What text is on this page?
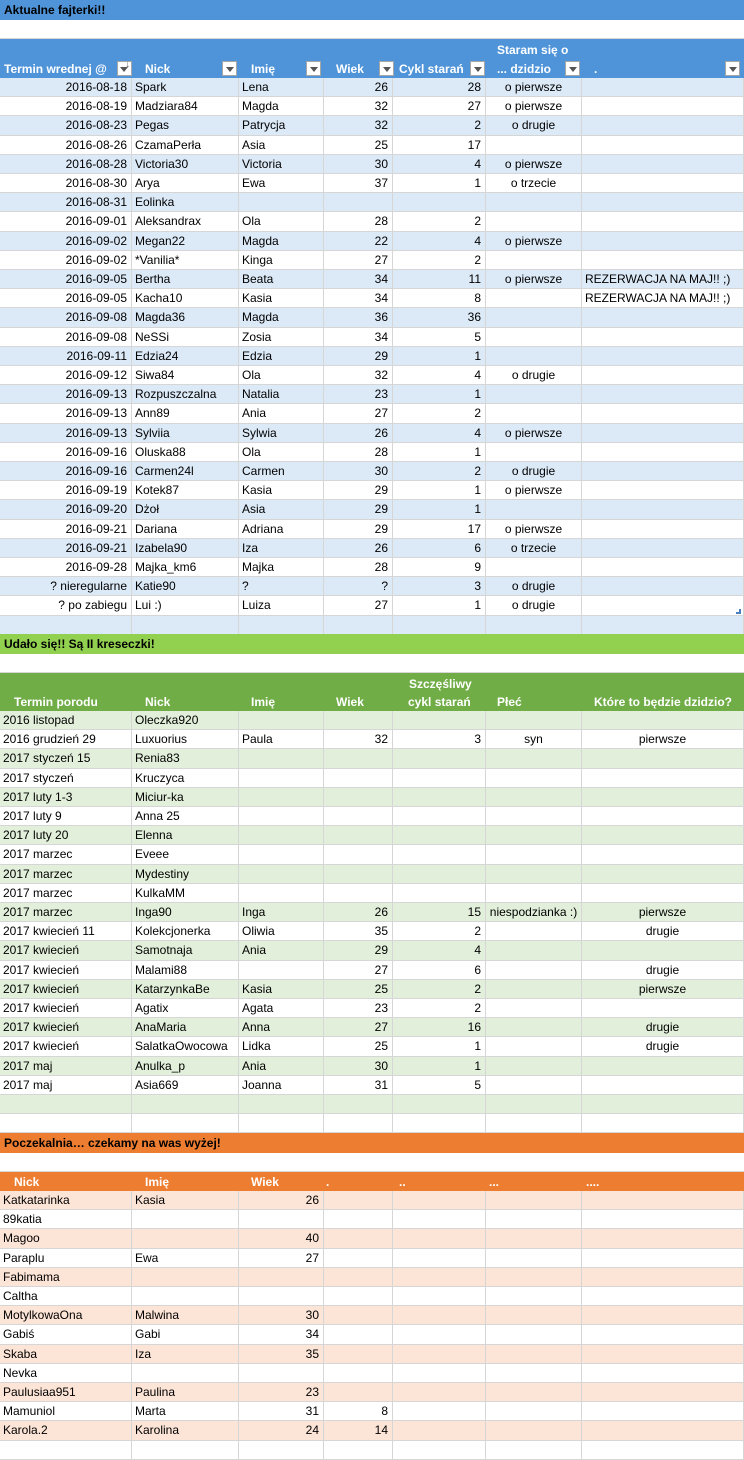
Aktualne fajterki!!
Termin wrednej @
↓	Nick	Imię	Wiek	Cykl starań
Staram się o
... dzidzio	.
2016-08-18 Spark	Lena	26	28	o pierwsze
2016-08-19 Madziara84	Magda	32	27	o pierwsze
2016-08-23 Pegas	Patrycja	32	2	o drugie
2016-08-26 CzamaPerła	Asia	25	17
2016-08-28 Victoria30	Victoria	30	4	o pierwsze
2016-08-30 Arya	Ewa	37	1	o trzecie
2016-08-31 Eolinka
2016-09-01 Aleksandrax	Ola	28	2
2016-09-02 Megan22	Magda	22	4	o pierwsze
2016-09-02 *Vanilia*	Kinga	27	2
2016-09-05 Bertha	Beata	34	11	o pierwsze	REZERWACJA NA MAJ!! ;)
2016-09-05 Kacha10	Kasia	34	8	REZERWACJA NA MAJ!! ;)
2016-09-08 Magda36	Magda	36	36
2016-09-08 NeSSi	Zosia	34	5
2016-09-11 Edzia24	Edzia	29	1
2016-09-12 Siwa84	Ola	32	4	o drugie
2016-09-13 Rozpuszczalna	Natalia	23	1
2016-09-13 Ann89	Ania	27	2
2016-09-13 Sylviia	Sylwia	26	4	o pierwsze
2016-09-16 Oluska88	Ola	28	1
2016-09-16 Carmen24l	Carmen	30	2	o drugie
2016-09-19 Kotek87	Kasia	29	1	o pierwsze
2016-09-20 Dżoł	Asia	29	1
2016-09-21 Dariana	Adriana	29	17	o pierwsze
2016-09-21 Izabela90	Iza	26	6	o trzecie
2016-09-28 Majka_km6	Majka	28	9
? nieregularne Katie90	?	?	3	o drugie
? po zabiegu Lui :)	Luiza	27	1	o drugie
Udało się!! Są II kreseczki!
Termin porodu	Nick	Imię	Wiek
Szczęśliwy
cykl starań Płeć	Które to będzie dzidzio?
2016 listopad	Oleczka920
2016 grudzień 29	Luxuorius	Paula	32	3	syn	pierwsze
2017 styczeń 15	Renia83
2017 styczeń	Kruczyca
2017 luty 1-3	Miciur-ka
2017 luty 9	Anna 25
2017 luty 20	Elenna
2017 marzec	Eveee
2017 marzec	Mydestiny
2017 marzec	KulkaMM
2017 marzec	Inga90	Inga	26	15 niespodzianka :)	pierwsze
2017 kwiecień 11	Kolekcjonerka	Oliwia	35	2	drugie
2017 kwiecień	Samotnaja	Ania	29	4
2017 kwiecień	Malami88	27	6	drugie
2017 kwiecień	KatarzynkaBe	Kasia	25	2	pierwsze
2017 kwiecień	Agatix	Agata	23	2
2017 kwiecień	AnaMaria	Anna	27	16	drugie
2017 kwiecień	SalatkaOwocowa	Lidka	25	1	drugie
2017 maj	Anulka_p	Ania	30	1
2017 maj	Asia669	Joanna	31	5
Poczekalnia… czekamy na was wyżej!
Nick	Imię	Wiek	.	..	...	....
Katkatarinka	Kasia	26
89katia
Magoo	40
Paraplu	Ewa	27
Fabimama
Caltha
MotylkowaOna	Malwina	30
Gabiś	Gabi	34
Skaba	Iza	35
Nevka
Paulusiaa951	Paulina	23
Mamuniol	Marta	31	8
Karola.2	Karolina	24	14
